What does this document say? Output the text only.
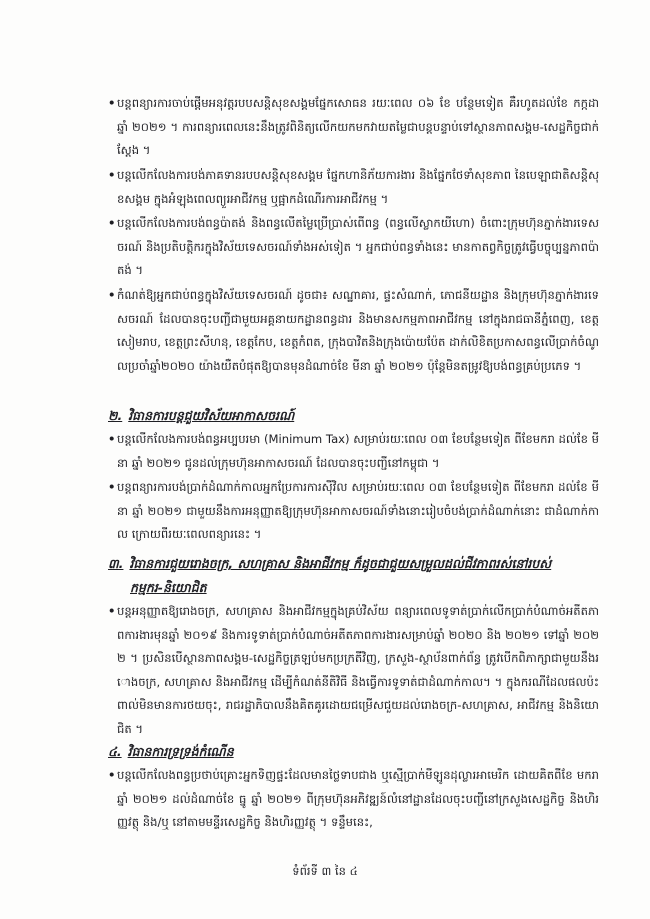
• បន្តពន្យារការចាប់ផ្តើមអនុវត្តរបបសន្តិសុខសង្គមផ្នែកសោធន រយៈពេល ០៦ ខែ បន្ថែមទៀត គឺរហូតដល់ខែ កក្កដា ឆ្នាំ ២០២១ ។ ការពន្យារពេលនេះនឹងត្រូវពិនិត្យលើកយកមកវាយតម្លៃជាបន្តបន្ទាប់ទៅស្ថានភាពសង្គម-សេដ្ឋកិច្ចជាក់ស្តែង ។
• បន្តលើកលែងការបង់ភាគទានរបបសន្តិសុខសង្គម ផ្នែកហានិភ័យការងារ និងផ្នែកថែទាំសុខភាព នៃបេឡាជាតិសន្តិសុខសង្គម ក្នុងអំឡុងពេលព្យួរអាជីវកម្ម ឬផ្អាកដំណើរការអាជីវកម្ម ។
• បន្តលើកលែងការបង់ពន្ធប៉ាតង់ និងពន្ធលើតម្លៃប្រើប្រាស់ពើពន្ធ (ពន្ធលើស្លាកយីហោ) ចំពោះក្រុមហ៊ុនភ្នាក់ងារទេសចរណ៍ និងប្រតិបត្តិករក្នុងវិស័យទេសចរណ៍ទាំងអស់ទៀត ។ អ្នកជាប់ពន្ធទាំងនេះ មានកាតព្វកិច្ចត្រូវធ្វើបច្ចុប្បន្នភាពប៉ាតង់ ។
• កំណត់ឱ្យអ្នកជាប់ពន្ធក្នុងវិស័យទេសចរណ៍ ដូចជា៖ សណ្ឋាគារ, ផ្ទះសំណាក់, ភោជនីយដ្ឋាន និងក្រុមហ៊ុនភ្នាក់ងារទេសចរណ៍ ដែលបានចុះបញ្ជីជាមួយអគ្គនាយកដ្ឋានពន្ធដារ និងមានសកម្មភាពអាជីវកម្ម នៅក្នុងរាជធានីភ្នំពេញ, ខេត្តសៀមរាប, ខេត្តព្រះសីហនុ, ខេត្តកែប, ខេត្តកំពត, ក្រុងបាវិតនិងក្រុងប៉ោយប៉ែត ដាក់លិខិតប្រកាសពន្ធលើប្រាក់ចំណូលប្រចាំឆ្នាំ២០២០ យ៉ាងយឺតបំផុតឱ្យបានមុនដំណាច់ខែ មីនា ឆ្នាំ ២០២១ ប៉ុន្តែមិនតម្រូវឱ្យបង់ពន្ធគ្រប់ប្រភេទ ។
២. វិធានការបន្តជួយវិស័យអាកាសចរណ៍
• បន្តលើកលែងការបង់ពន្ធអប្បបរមា (Minimum Tax) សម្រាប់រយៈពេល ០៣ ខែបន្ថែមទៀត ពីខែមករា ដល់ខែ មីនា ឆ្នាំ ២០២១ ជូនដល់ក្រុមហ៊ុនអាកាសចរណ៍ ដែលបានចុះបញ្ជីនៅកម្ពុជា ។
• បន្តពន្យារការបង់ប្រាក់ដំណាក់កាលអ្នកប្រែការការសុីវិល សម្រាប់រយៈពេល ០៣ ខែបន្ថែមទៀត ពីខែមករា ដល់ខែ មីនា ឆ្នាំ ២០២១ ជាមួយនឹងការអនុញ្ញាតឱ្យក្រុមហ៊ុនអាកាសចរណ៍ទាំងនោះរៀបចំបង់ប្រាក់ដំណាក់នោះ ជាដំណាក់កាល ក្រោយពីរយៈពេលពន្យារនេះ ។
៣. វិធានការជួយរោងចក្រ, សហគ្រាស និងអាជីវកម្ម ក៏ដូចជាជួយសម្រួលដល់ជីវភាពរស់នៅរបស់
កម្មករ-និយោជិត
• បន្តអនុញ្ញាតឱ្យរោងចក្រ, សហគ្រាស និងអាជីវកម្មក្នុងគ្រប់វិស័យ ពន្យារពេលទូទាត់ប្រាក់លើកប្រាក់បំណាច់អតីតភាពការងារមុនឆ្នាំ ២០១៩ និងការទូទាត់ប្រាក់បំណាច់អតីតភាពការងារសម្រាប់ឆ្នាំ ២០២០ និង ២០២១ ទៅឆ្នាំ ២០២២ ។ ប្រសិនបើស្ថានភាពសង្គម-សេដ្ឋកិច្ចត្រឡប់មកប្រក្រតីវិញ, ក្រសួង-ស្ថាប័នពាក់ព័ន្ធ ត្រូវបើកពិភាក្សាជាមួយនឹងរោងចក្រ, សហគ្រាស និងអាជីវកម្ម ដើម្បីកំណត់នីតិវិធី និងធ្វើការទូទាត់ជាដំណាក់កាល។ ។ ក្នុងករណីដែលផលប៉ះពាល់មិនមានការថយចុះ, រាជរដ្ឋាភិបាលនឹងគិតគូរដោយជម្រើសជួយដល់រោងចក្រ-សហគ្រាស, អាជីវកម្ម និងនិយោជិត ។
៤. វិធានការទ្រទ្រង់កំណើន
• បន្តលើកលែងពន្ធប្រថាប់គ្រោះអ្នកទិញផ្ទះដែលមានថ្លៃទាបជាង ឬស្មើប្រាក់មីឡូនដុល្លារអាមេរិក ដោយគិតពីខែ មករា ឆ្នាំ ២០២១ ដល់ដំណាច់ខែ ធ្នូ ឆ្នាំ ២០២១ ពីក្រុមហ៊ុនអភិវឌ្ឍន៍លំនៅដ្ឋានដែលចុះបញ្ជីនៅក្រសួងសេដ្ឋកិច្ច និងហិរញ្ញវត្ថុ និង/ឬ នៅតាមមន្ទីរសេដ្ឋកិច្ច និងហិរញ្ញវត្ថុ ។ ទន្ទឹមនេះ,
ទំព័រទី ៣ នៃ ៤
